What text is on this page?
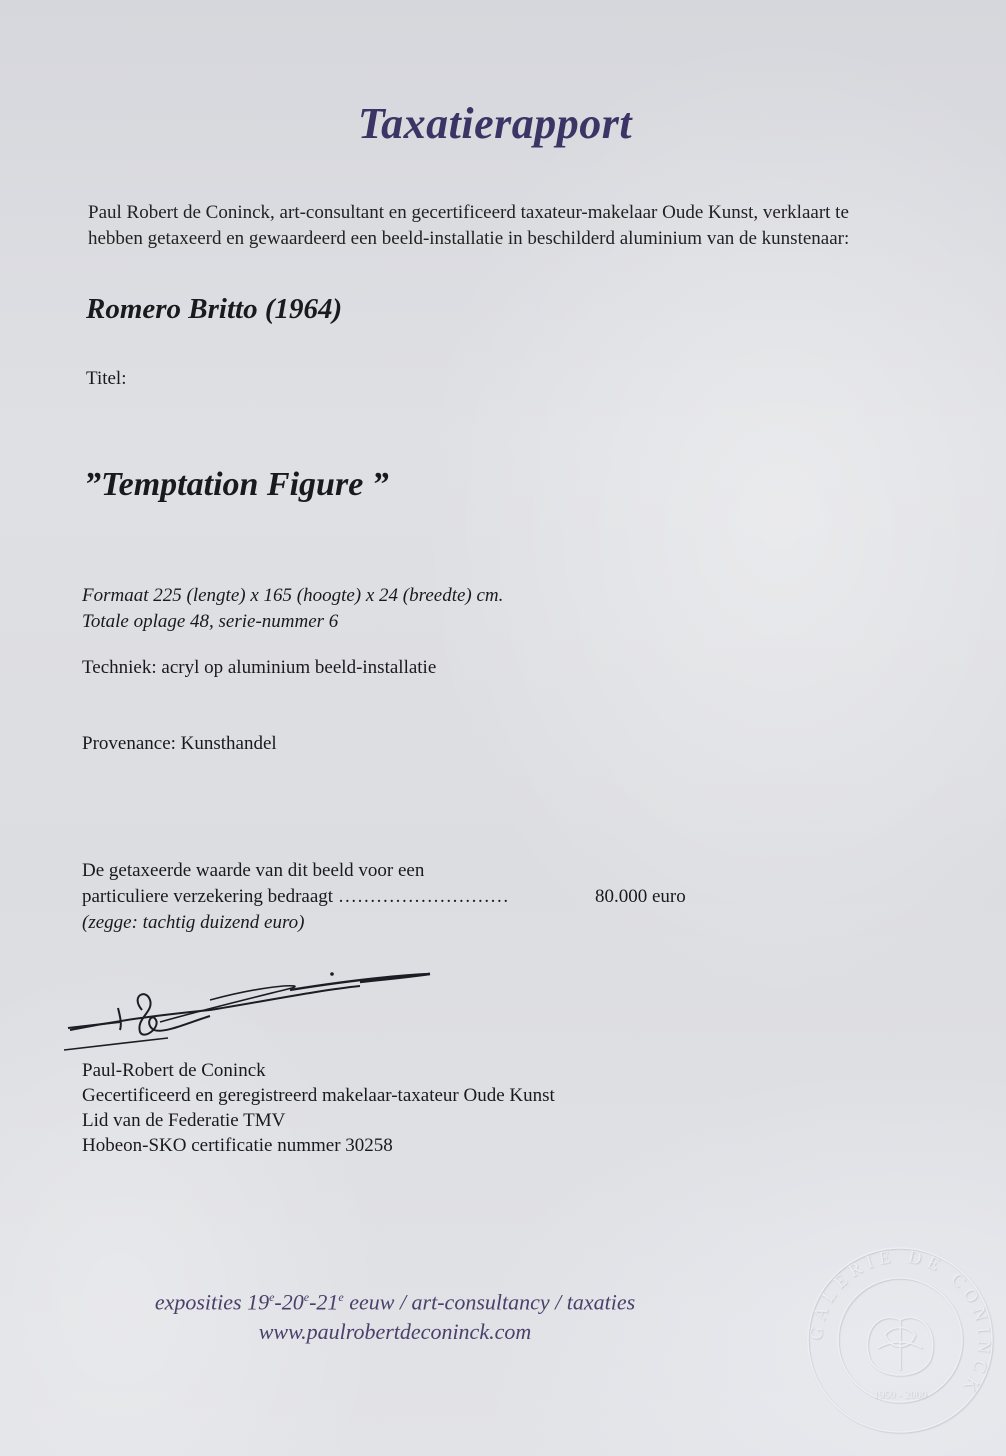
Taxatierapport

Paul Robert de Coninck, art-consultant en gecertificeerd taxateur-makelaar Oude Kunst, verklaart te hebben getaxeerd en gewaardeerd een beeld-installatie in beschilderd aluminium van de kunstenaar:

Romero Britto (1964)
Titel:
”Temptation Figure ”
Formaat 225 (lengte) x 165 (hoogte) x 24 (breedte) cm.
Totale oplage 48, serie-nummer 6
Techniek: acryl op aluminium beeld-installatie
Provenance: Kunsthandel
De getaxeerde waarde van dit beeld voor een
particuliere verzekering bedraagt ………………………	80.000 euro
(zegge: tachtig duizend euro)
Paul-Robert de Coninck
Gecertificeerd en geregistreerd makelaar-taxateur Oude Kunst
Lid van de Federatie TMV
Hobeon-SKO certificatie nummer 30258
exposities 19e-20e-21e eeuw / art-consultancy / taxaties
www.paulrobertdeconinck.com	GALERIE DE CONINCK
1950 - 2000
